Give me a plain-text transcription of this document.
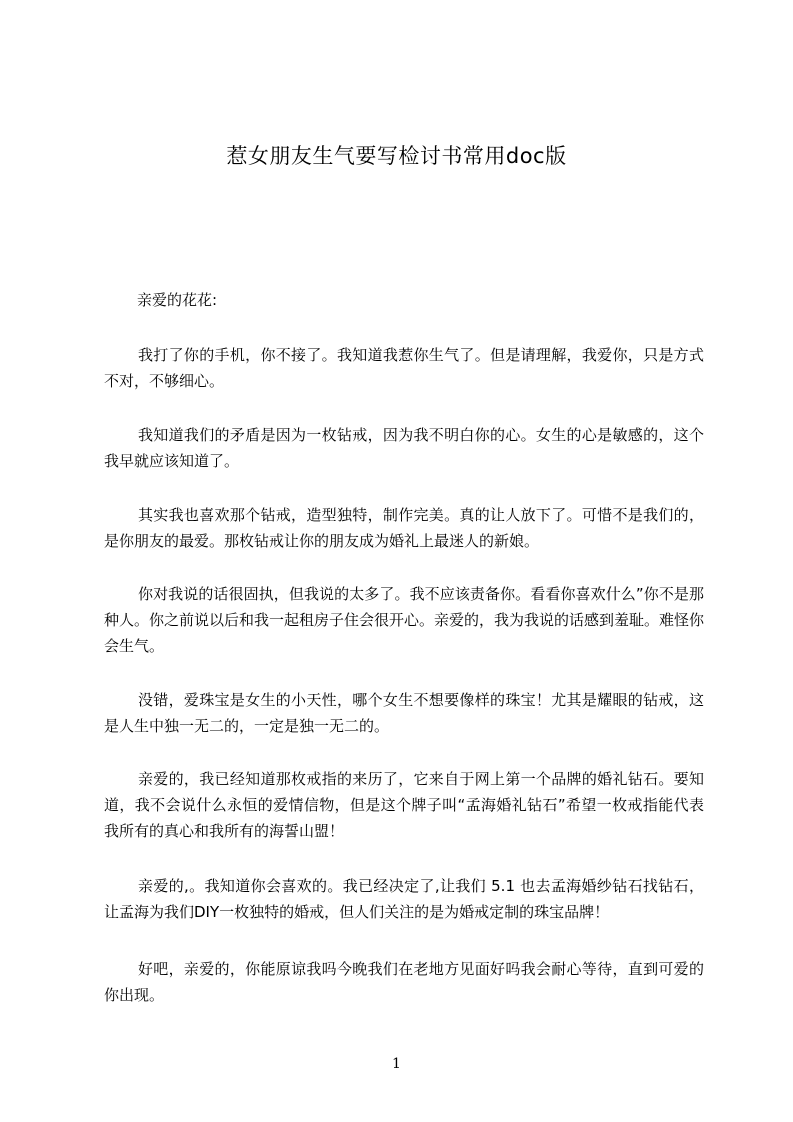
惹女朋友生气要写检讨书常用doc版
亲爱的花花:
我打了你的手机，你不接了。我知道我惹你生气了。但是请理解，我爱你，只是方式不对，不够细心。
我知道我们的矛盾是因为一枚钻戒，因为我不明白你的心。女生的心是敏感的，这个我早就应该知道了。
其实我也喜欢那个钻戒，造型独特，制作完美。真的让人放下了。可惜不是我们的，是你朋友的最爱。那枚钻戒让你的朋友成为婚礼上最迷人的新娘。
你对我说的话很固执，但我说的太多了。我不应该责备你。看看你喜欢什么”你不是那种人。你之前说以后和我一起租房子住会很开心。亲爱的，我为我说的话感到羞耻。难怪你会生气。
没错，爱珠宝是女生的小天性，哪个女生不想要像样的珠宝！尤其是耀眼的钻戒，这是人生中独一无二的，一定是独一无二的。
亲爱的，我已经知道那枚戒指的来历了，它来自于网上第一个品牌的婚礼钻石。要知道，我不会说什么永恒的爱情信物，但是这个牌子叫“孟海婚礼钻石”希望一枚戒指能代表我所有的真心和我所有的海誓山盟！
亲爱的,。我知道你会喜欢的。我已经决定了,让我们 5.1 也去孟海婚纱钻石找钻石，让孟海为我们DIY一枚独特的婚戒，但人们关注的是为婚戒定制的珠宝品牌！
好吧，亲爱的，你能原谅我吗今晚我们在老地方见面好吗我会耐心等待，直到可爱的你出现。
1
